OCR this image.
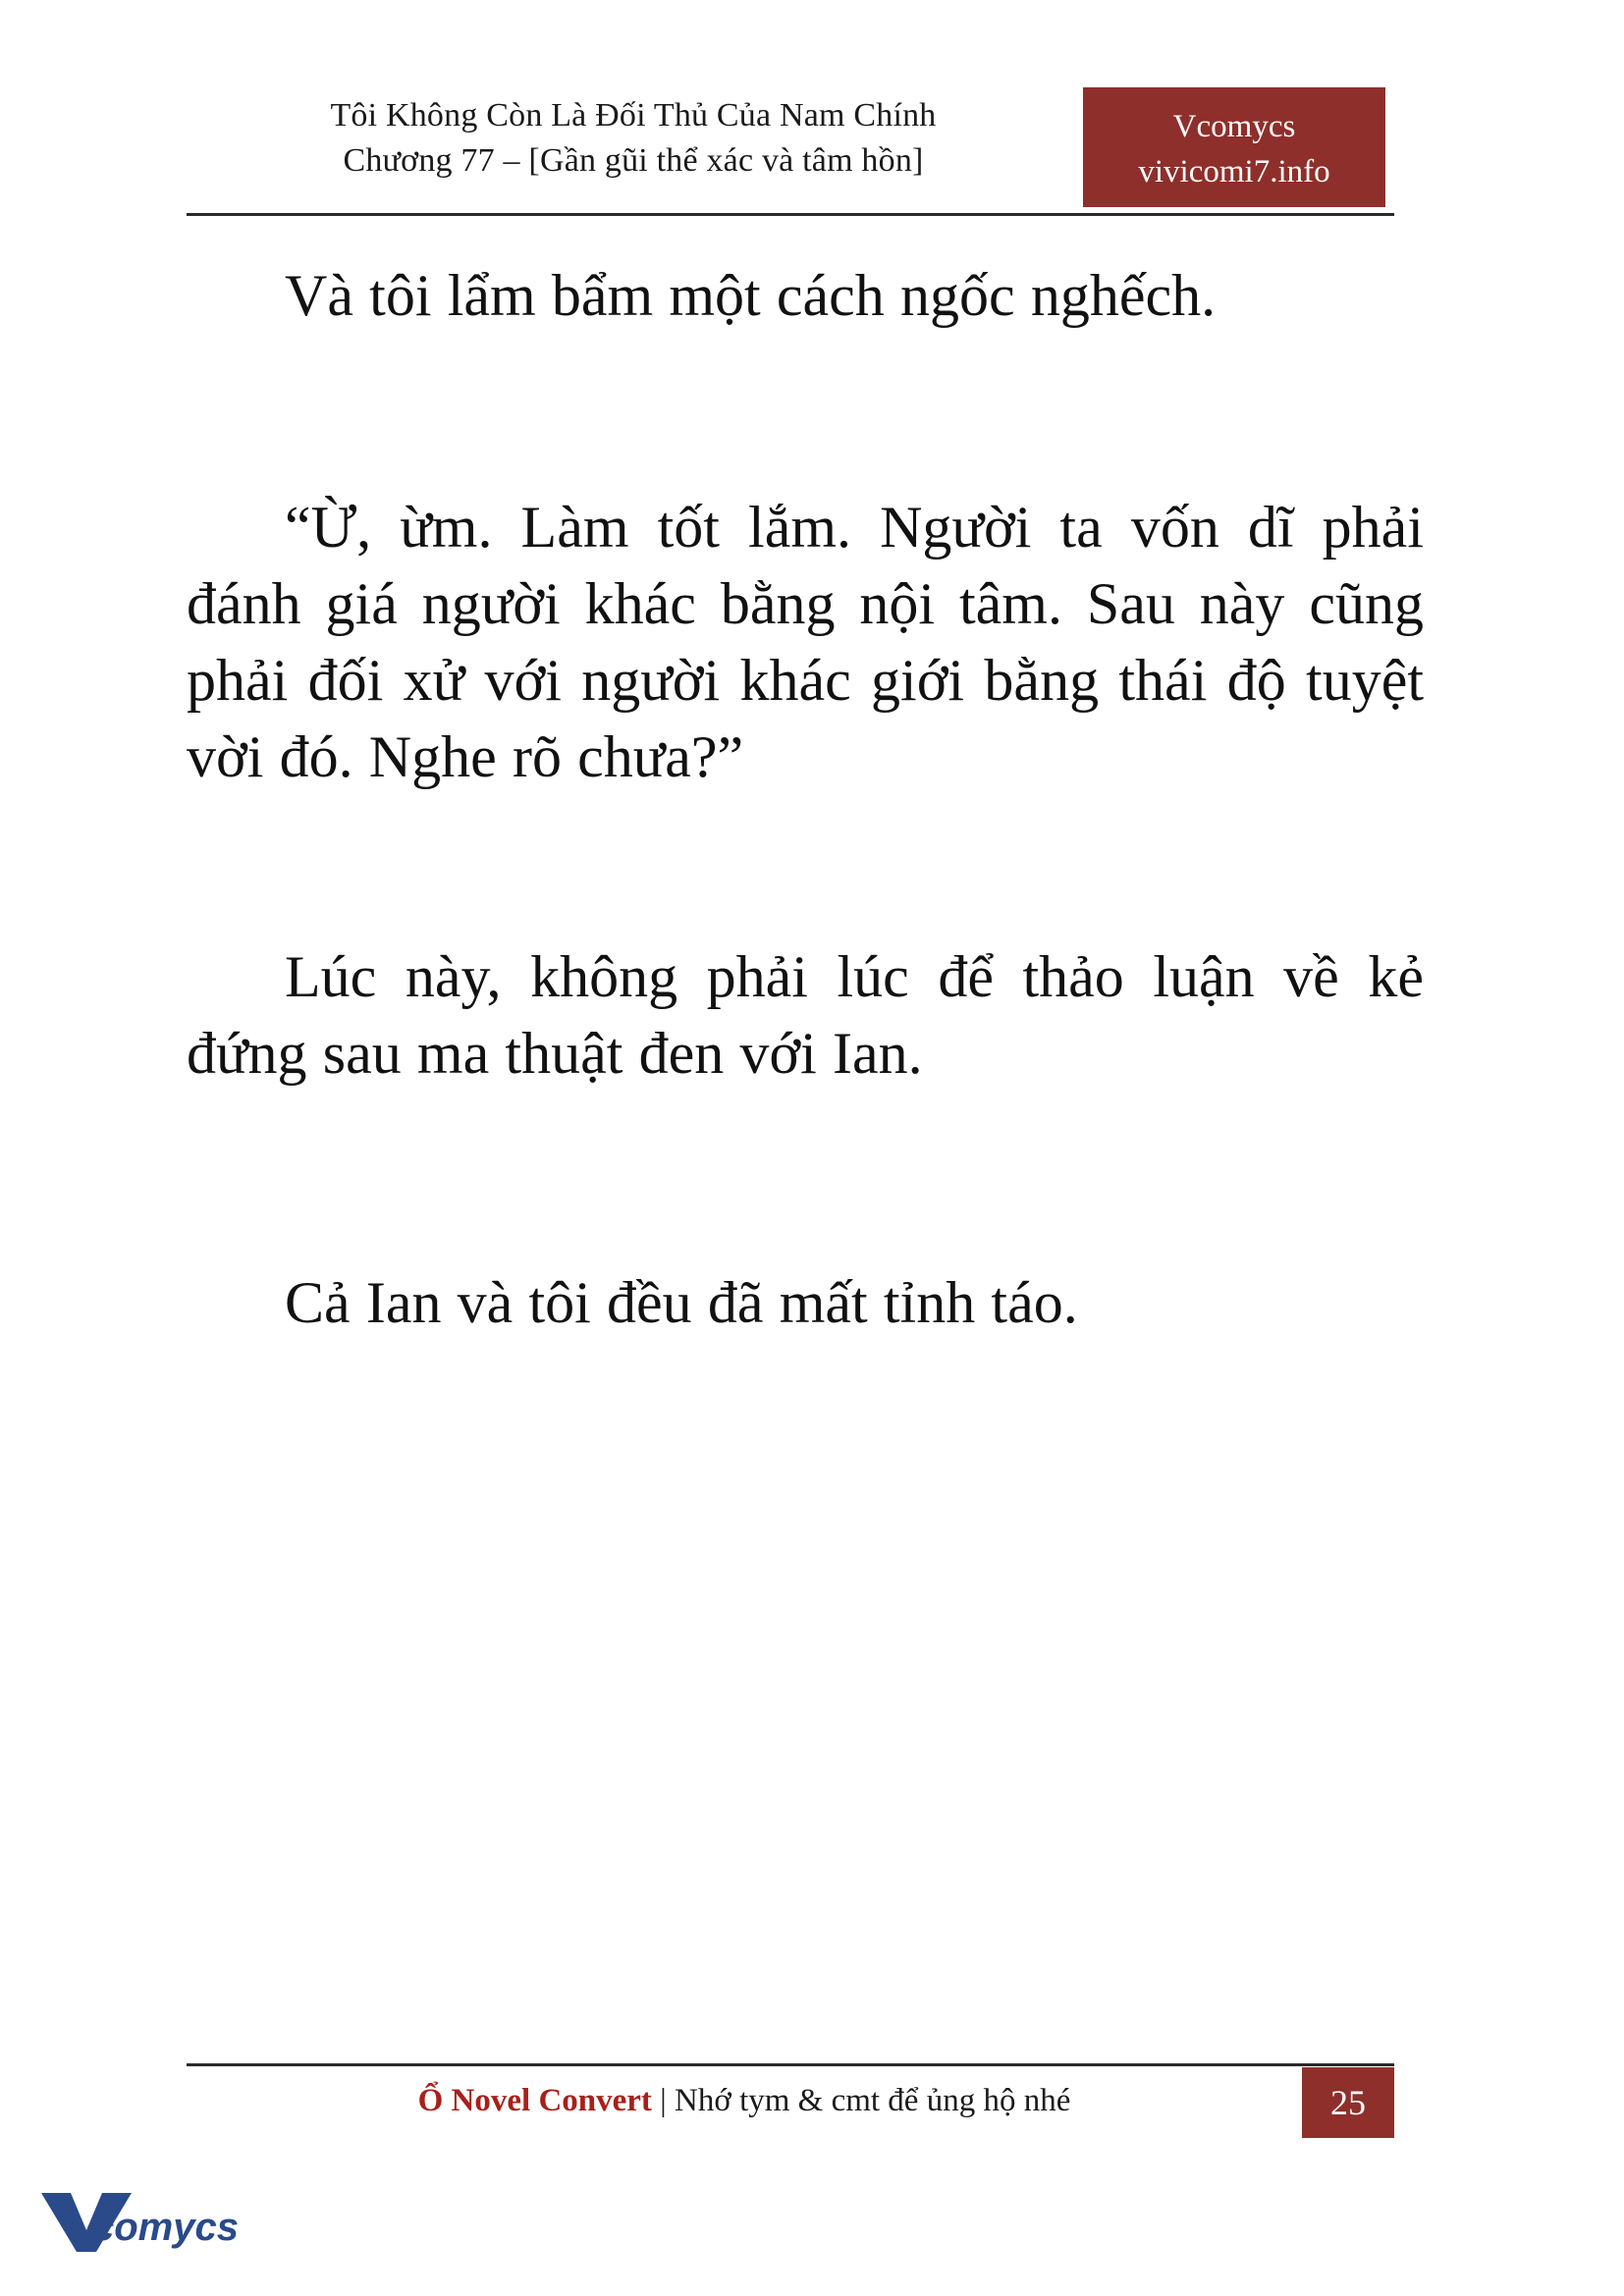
Tôi Không Còn Là Đối Thủ Của Nam Chính
Chương 77 – [Gần gũi thể xác và tâm hồn]
Vcomycs
vivicomi7.info

Và tôi lẩm bẩm một cách ngốc nghếch.

“Ừ, ừm. Làm tốt lắm. Người ta vốn dĩ phải đánh giá người khác bằng nội tâm. Sau này cũng phải đối xử với người khác giới bằng thái độ tuyệt vời đó. Nghe rõ chưa?”

Lúc này, không phải lúc để thảo luận về kẻ đứng sau ma thuật đen với Ian.

Cả Ian và tôi đều đã mất tỉnh táo.

Ổ Novel Convert | Nhớ tym & cmt để ủng hộ nhé	25
comycs
